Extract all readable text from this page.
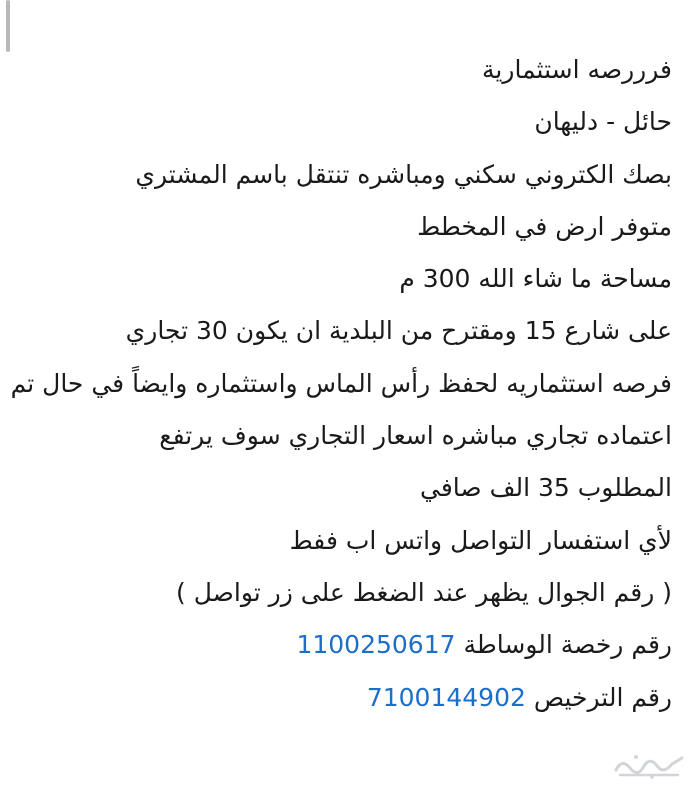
فرررصه استثمارية
حائل - دليهان
بصك الكتروني سكني ومباشره تنتقل باسم المشتري
متوفر ارض في المخطط
مساحة ما شاء الله 300 م
على شارع 15 ومقترح من البلدية ان يكون 30 تجاري
فرصه استثماريه لحفظ رأس الماس واستثماره وايضاً في حال تم
اعتماده تجاري مباشره اسعار التجاري سوف يرتفع
المطلوب 35 الف صافي
لأي استفسار التواصل واتس اب ففط
( رقم الجوال يظهر عند الضغط على زر تواصل )
رقم رخصة الوساطة 1100250617
رقم الترخيص 7100144902
